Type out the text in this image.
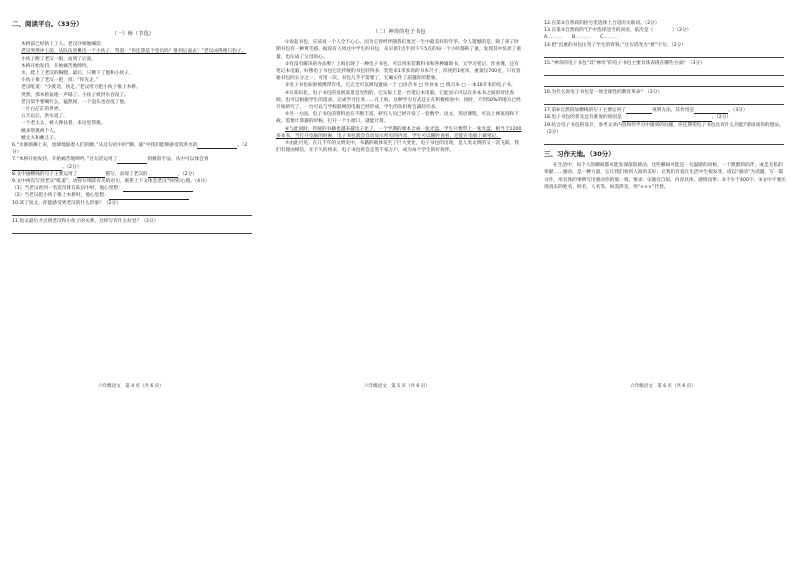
二、阅读平台。（33分）
（一）桥（节选）

木桥前已经挤上了人。老汉沙哑地喊话：

老汉突然冲上前，从队伍里揪出一个小伙子，骂道：“你还算是个党员吗？排到后面去！”老汉凶得像只豹子。

小伙子瞪了老汉一眼，站到了后面。

木桥开始发抖，开始痛苦地呻吟。

水，爬上了老汉的胸膛。最后，只剩下了他和小伙子。

小伙子推了老汉一把，说：“你先走。”

老汉吼道：“少废话，快走。”老汉用力把小伙子推上木桥。

突然，那木桥轰地一声塌了。小伙子被洪水吞没了。

老汉似乎要喊什么，猛然间，一个浪头也吞没了他。

一片白茫茫的世界。

五天以后，洪水退了。

一个老太太，被人搀扶着，来这里祭奠。

她来祭奠两个人。

她丈夫和她儿子。

6.“水渐渐蹿上来，放肆地舔着人们的腰。”从这句话中的“蹿、舔”中我们能够感受到洪水的	。（2分）

7.“木桥开始发抖，开始痛苦地呻吟。”这句话运用了	的修辞手法，从中可以体会到。（2分）

8.文中画横线的句子主要运用了	描写，表现了老汉的	。（2分）

9.文中两次写到老汉“吼道”，请你仔细读有关的语句，联系上下文体会老汉当时的心理。（4分）

（1）当老汉看到一名党员排在队伍中时，他心里想：

（2）当老汉把小伙子推上木桥时，他心里想：

10.读了短文，你能感受到老汉的什么形象？（2分）

11.短文最后才点明老汉和小伙子的关系，这样写有什么好处？（2分）

六年级语文　第 4 页（共 6 页）
（二）神奇的电子书包

①说起书包，应该说一个人全不心心，因为它曾经伴随我们度过一生中最美好的年华。令人遗憾的是，除了孩子时期书包有一种黄毛感。据说有人将这中学生的书包，从早晨7点半到下午5点的每一个小时都称了重。发现其中负担了重量，也压成了父母的心。

②有没有解决的办法呢？上海出现了一种电子书包，可以用来装教科书和各种辅助书，又学习笔记、作业簿，还有笔记本电脑，好像电子书包它比传统的书包轻得多，装进来1米多高的书本尺寸，厚度约1厘米，重量仅700克，只有普通书包的五分之一，可用一次。书包几乎不需要了，它确实作了超越你的想象。

③电子书包如果被携带有电，它完全可以被设置成一个 □语音书 □ 作业本 □ 练习本 □ 一本16开本的电子书。

④在知识化、电子书包的发展前景是光明的，它实际上是一台笔记本电脑，它能显示可以在多本书之间的对比查阅。也可以根据学生的需求，完成学习任务……在上海，这种学习方式还正在积极推进中。同时，不到50%的地方已经开始研究了，一台可以与学校联网的电脑已经形成，学生的负担将会减轻许多。

⑤另一方面，电子书包的资料也在不断丰富。研究人员已经开发了一套数学、语文、英语课程，可以上网查询和下载。需要计算器的时候，打开一个小窗口，就能计算。

⑥与此同时，传统的书籍也越来越电子化了，一个学期的课本合成一张光盘，学生只要带上一张光盘，相当于1200多本书，当打开电脑的时候，电子书包就会自动显示所有的内容，学生可以随时查看，还能在电脑上做笔记。

⑦由此可见，在几千年的文明史中，书籍的载体发生了巨大变化，电子书包的出现，是人类文明的又一次飞跃。我们有理由相信，在不久的将来，电子书包将会走进千家万户，成为每个学生的好伙伴。

六年级语文　第 5 页（共 6 页）

12.在第②自然段的括号里选择上合适的关联词。（2分）

13.在第③自然段的“[]”中选择适当的词语，依次是（　　　　）（2分）

A.．．．．．．　　B.．．．．．．　　C.．．．．．．

14.把“沉重的书包压弯了学生的背脊。”这句话改为“被”字句。（2分）

15.“神奇的电子书包”其“神奇”的电子书包主要具体表现在哪些方面？（3分）

16.为什么说电子书包是一场全球性的教育革命？（2分）

17.第⑥自然段加横线的句子主要运用了	说明方法，其作用是	。（3分）

18.电子书包的普及还有难度的原因是	。（2分）

19.结合电子书包的设计，参考文章内容和你学习中遇到的问题，你还期望电子书包具有什么功能?请谈谈你的想法。（2分）

三、习作天地。（30分）

在生活中，每个人的瞬间都可能发深深的感动，这些瞬间可能是一句温暖的问候，一个默默的陪伴，或是无私的奉献……感动，是一种力量，它让我们看到人间的美好，让我们有爱在生活中生根发芽。请以“感动”为话题，写一篇习作，用具体的事例写出感动你的那一刻。要求：①题目自拟，内容具体，感情真挚；②不少于400字；③文中不要出现真实的姓名、校名、人名等，如需涉及，用“×××”代替。

六年级语文　第 6 页（共 6 页）
